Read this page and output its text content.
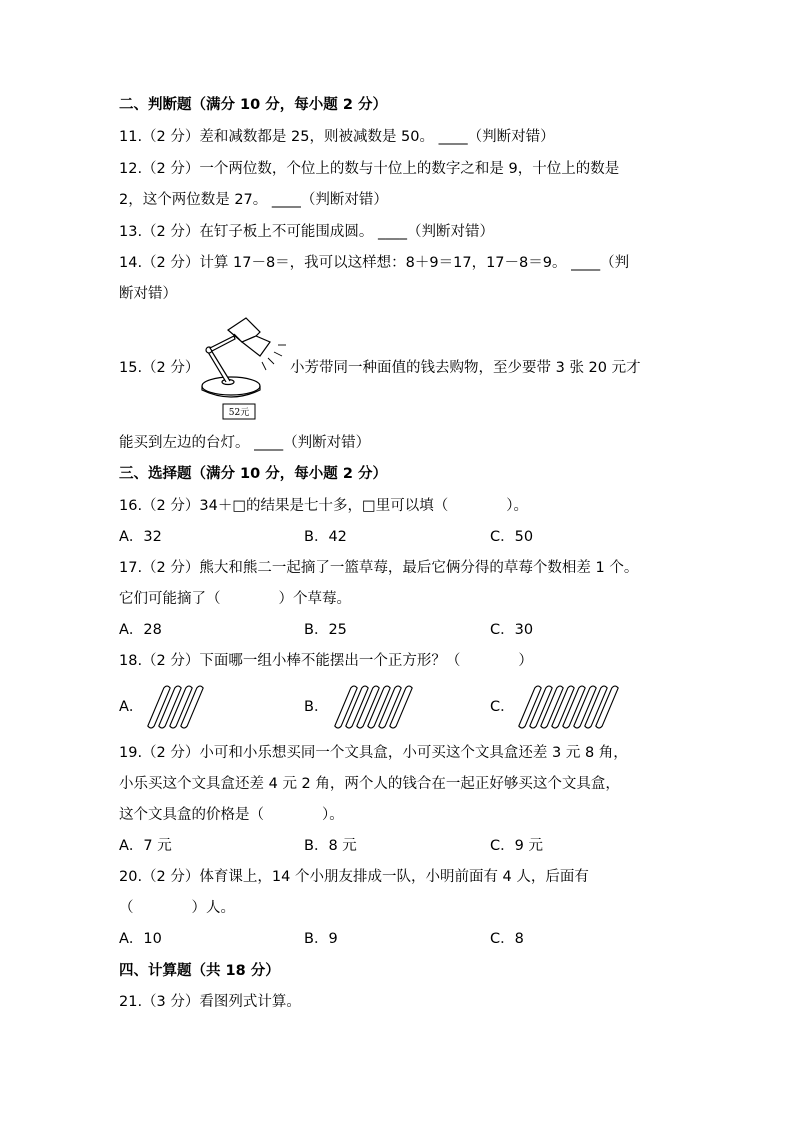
二、判断题（满分 10 分，每小题 2 分）
11.（2 分）差和减数都是 25，则被减数是 50。 ____（判断对错）
12.（2 分）一个两位数，个位上的数与十位上的数字之和是 9，十位上的数是
2，这个两位数是 27。 ____（判断对错）
13.（2 分）在钉子板上不可能围成圆。 ____（判断对错）
14.（2 分）计算 17－8＝，我可以这样想：8＋9＝17，17－8＝9。 ____（判
断对错）
15.（2 分）
52元
小芳带同一种面值的钱去购物，至少要带 3 张 20 元才
能买到左边的台灯。 ____（判断对错）
三、选择题（满分 10 分，每小题 2 分）
16.（2 分）34＋□的结果是七十多，□里可以填（　　　　）。
A．32	B．42	C．50
17.（2 分）熊大和熊二一起摘了一篮草莓，最后它俩分得的草莓个数相差 1 个。
它们可能摘了（　　　　）个草莓。
A．28	B．25	C．30
18.（2 分）下面哪一组小棒不能摆出一个正方形？（　　　　）
A．	B．	C．
19.（2 分）小可和小乐想买同一个文具盒，小可买这个文具盒还差 3 元 8 角，
小乐买这个文具盒还差 4 元 2 角，两个人的钱合在一起正好够买这个文具盒，
这个文具盒的价格是（　　　　）。
A．7 元	B．8 元	C．9 元
20.（2 分）体育课上，14 个小朋友排成一队，小明前面有 4 人，后面有
（　　　　）人。
A．10	B．9	C．8
四、计算题（共 18 分）
21.（3 分）看图列式计算。
